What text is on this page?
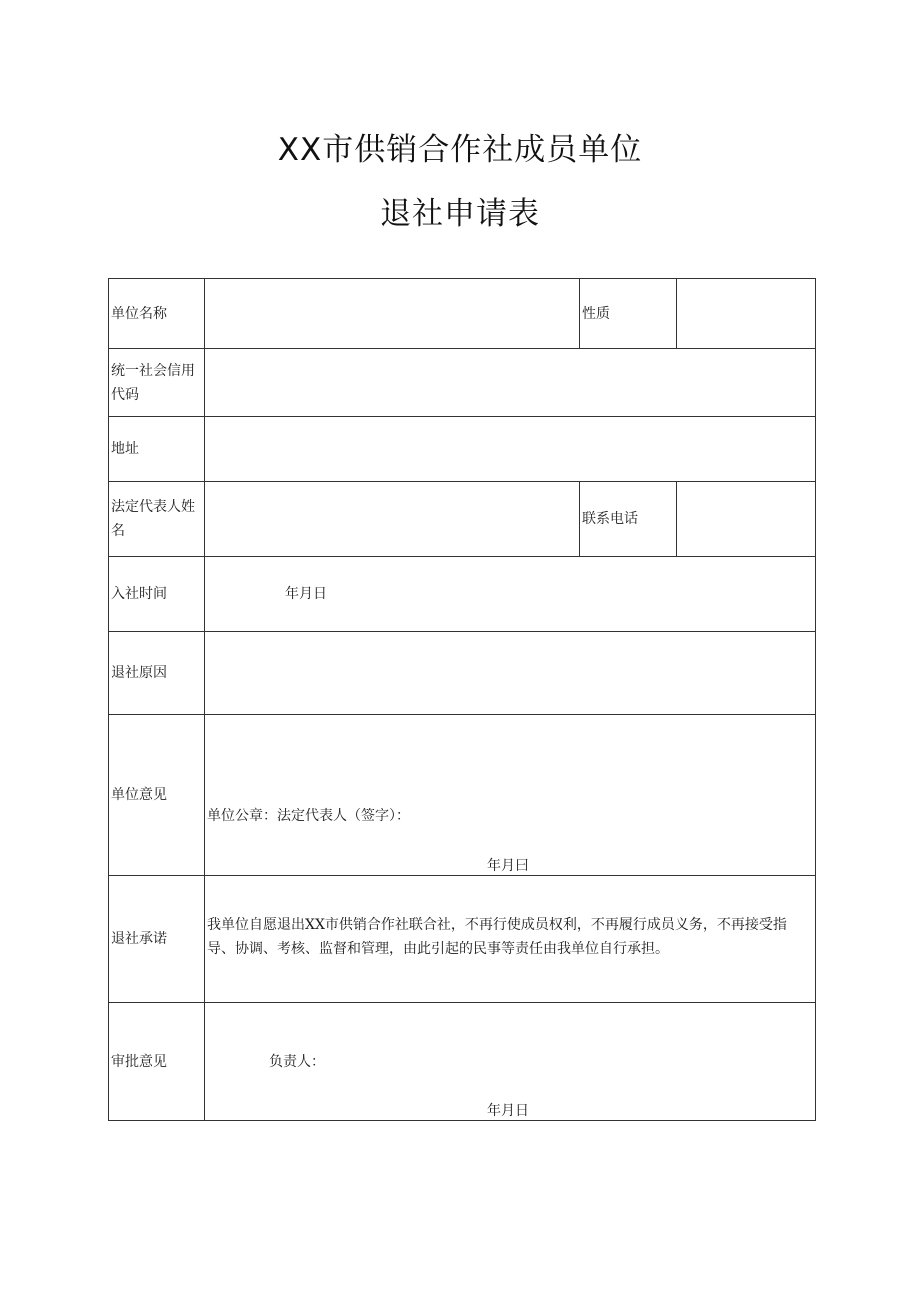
XX市供销合作社成员单位
退社申请表
单位名称		性质	
统一社会信用代码			
地址			
法定代表人姓名		联系电话	
入社时间	年月日		
退社原因			
单位意见	单位公章：法定代表人（签字）：
年月曰		

退社承诺	我单位自愿退出XX市供销合作社联合社，不再行使成员权利，不再履行成员义务，不再接受指导、协调、考核、监督和管理，由此引起的民事等责任由我单位自行承担。		

审批意见	负责人：
年月日		
